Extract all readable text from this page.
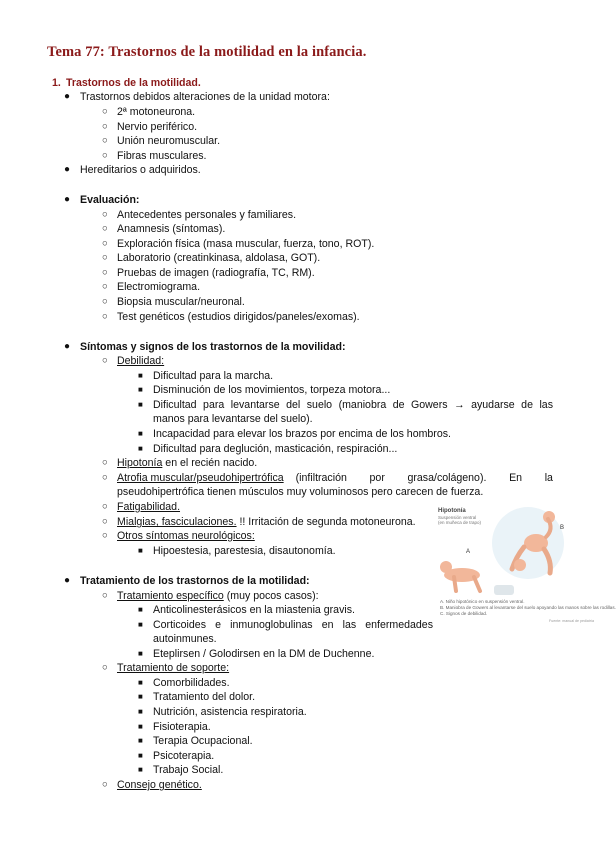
Tema 77: Trastornos de la motilidad en la infancia.
1. Trastornos de la motilidad.
● Trastornos debidos alteraciones de la unidad motora:
○ 2ª motoneurona.
○ Nervio periférico.
○ Unión neuromuscular.
○ Fibras musculares.
● Hereditarios o adquiridos.
● Evaluación:
○ Antecedentes personales y familiares.
○ Anamnesis (síntomas).
○ Exploración física (masa muscular, fuerza, tono, ROT).
○ Laboratorio (creatinkinasa, aldolasa, GOT).
○ Pruebas de imagen (radiografía, TC, RM).
○ Electromiograma.
○ Biopsia muscular/neuronal.
○ Test genéticos (estudios dirigidos/paneles/exomas).
● Síntomas y signos de los trastornos de la movilidad:
○ Debilidad:
■ Dificultad para la marcha.
■ Disminución de los movimientos, torpeza motora...
■ Dificultad para levantarse del suelo (maniobra de Gowers → ayudarse de las
manos para levantarse del suelo).
■ Incapacidad para elevar los brazos por encima de los hombros.
■ Dificultad para deglución, masticación, respiración...
○ Hipotonía en el recién nacido.
○ Atrofia muscular/pseudohipertrófica (infiltración por grasa/colágeno). En la
pseudohipertrófica tienen músculos muy voluminosos pero carecen de fuerza.
○ Fatigabilidad.
○ Mialgias, fasciculaciones. !! Irritación de segunda motoneurona.
○ Otros síntomas neurológicos:
■ Hipoestesia, parestesia, disautonomía.
Hipotonía
Suspensión ventral
(en muñeca de trapo)
A
B
A. Niño hipotónico en suspensión ventral.
B. Maniobra de Gowers al levantarse del suelo apoyando las manos sobre las rodillas.
C. Signos de debilidad.
Fuente: manual de pediatría
● Tratamiento de los trastornos de la motilidad:
○ Tratamiento específico (muy pocos casos):
■ Anticolinesterásicos en la miastenia gravis.
■ Corticoides e inmunoglobulinas en las enfermedades
autoinmunes.
■ Eteplirsen / Golodirsen en la DM de Duchenne.
○ Tratamiento de soporte:
■ Comorbilidades.
■ Tratamiento del dolor.
■ Nutrición, asistencia respiratoria.
■ Fisioterapia.
■ Terapia Ocupacional.
■ Psicoterapia.
■ Trabajo Social.
○ Consejo genético.
